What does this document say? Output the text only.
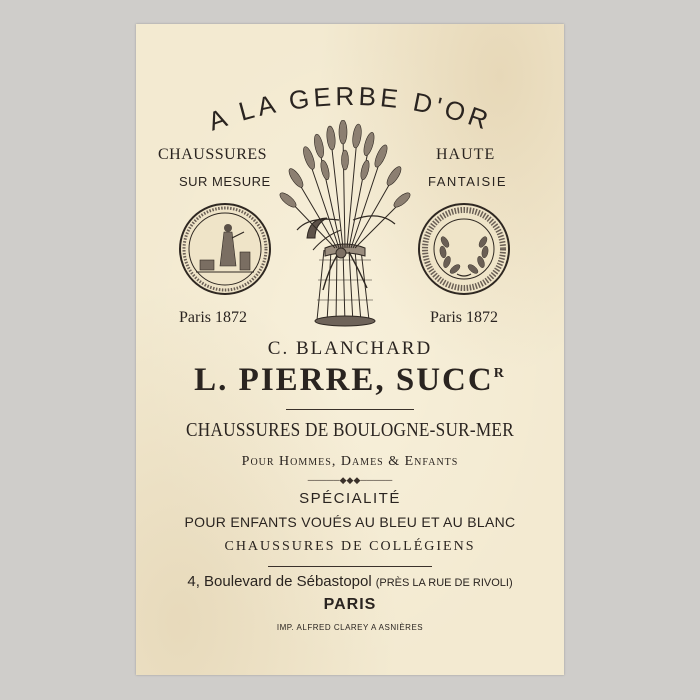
A LA GERBE D'OR
CHAUSSURES
SUR MESURE
HAUTE
FANTAISIE
Paris 1872	Paris 1872
C. BLANCHARD
L. PIERRE, $SUCC^R$
CHAUSSURES DE BOULOGNE-SUR-MER
Pour Hommes, Dames & Enfants
─────◆◆◆─────
SPÉCIALITÉ
POUR ENFANTS VOUÉS AU BLEU ET AU BLANC
CHAUSSURES DE COLLÉGIENS
4, Boulevard de Sébastopol (PRÈS LA RUE DE RIVOLI)
PARIS
IMP. ALFRED CLAREY A ASNIÈRES
